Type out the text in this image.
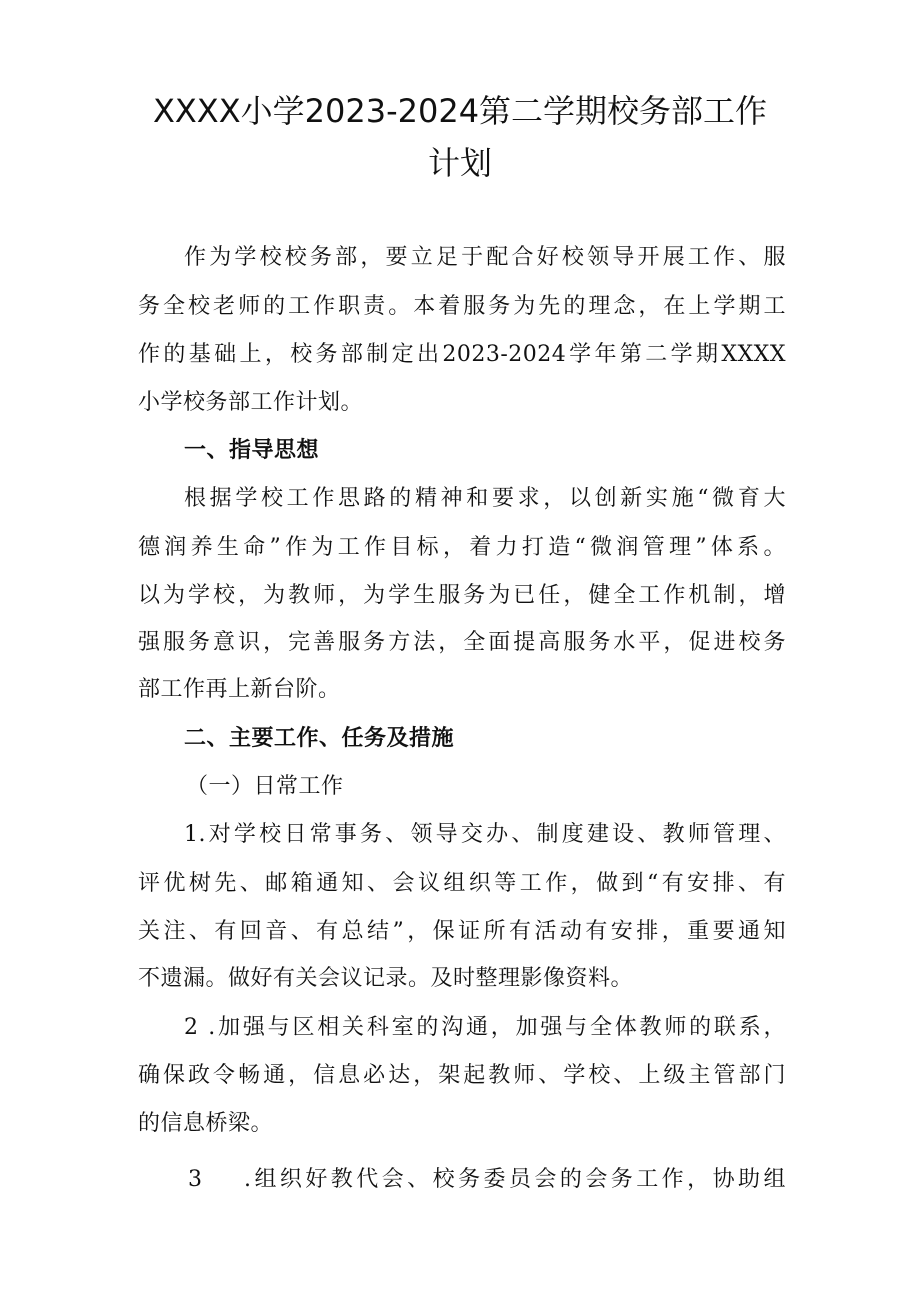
XXXX小学2023-2024第二学期校务部工作
计划
作为学校校务部，要立足于配合好校领导开展工作、服
务全校老师的工作职责。本着服务为先的理念，在上学期工
作的基础上，校务部制定出2023-2024学年第二学期XXXX
小学校务部工作计划。
一、指导思想
根据学校工作思路的精神和要求，以创新实施“微育大
德润养生命”作为工作目标，着力打造“微润管理”体系。
以为学校，为教师，为学生服务为已任，健全工作机制，增
强服务意识，完善服务方法，全面提高服务水平，促进校务
部工作再上新台阶。
二、主要工作、任务及措施
（一）日常工作
1.对学校日常事务、领导交办、制度建设、教师管理、
评优树先、邮箱通知、会议组织等工作，做到“有安排、有
关注、有回音、有总结”，保证所有活动有安排，重要通知
不遗漏。做好有关会议记录。及时整理影像资料。
2 .加强与区相关科室的沟通，加强与全体教师的联系，
确保政令畅通，信息必达，架起教师、学校、上级主管部门
的信息桥梁。
3	.组织好教代会、校务委员会的会务工作，协助组
